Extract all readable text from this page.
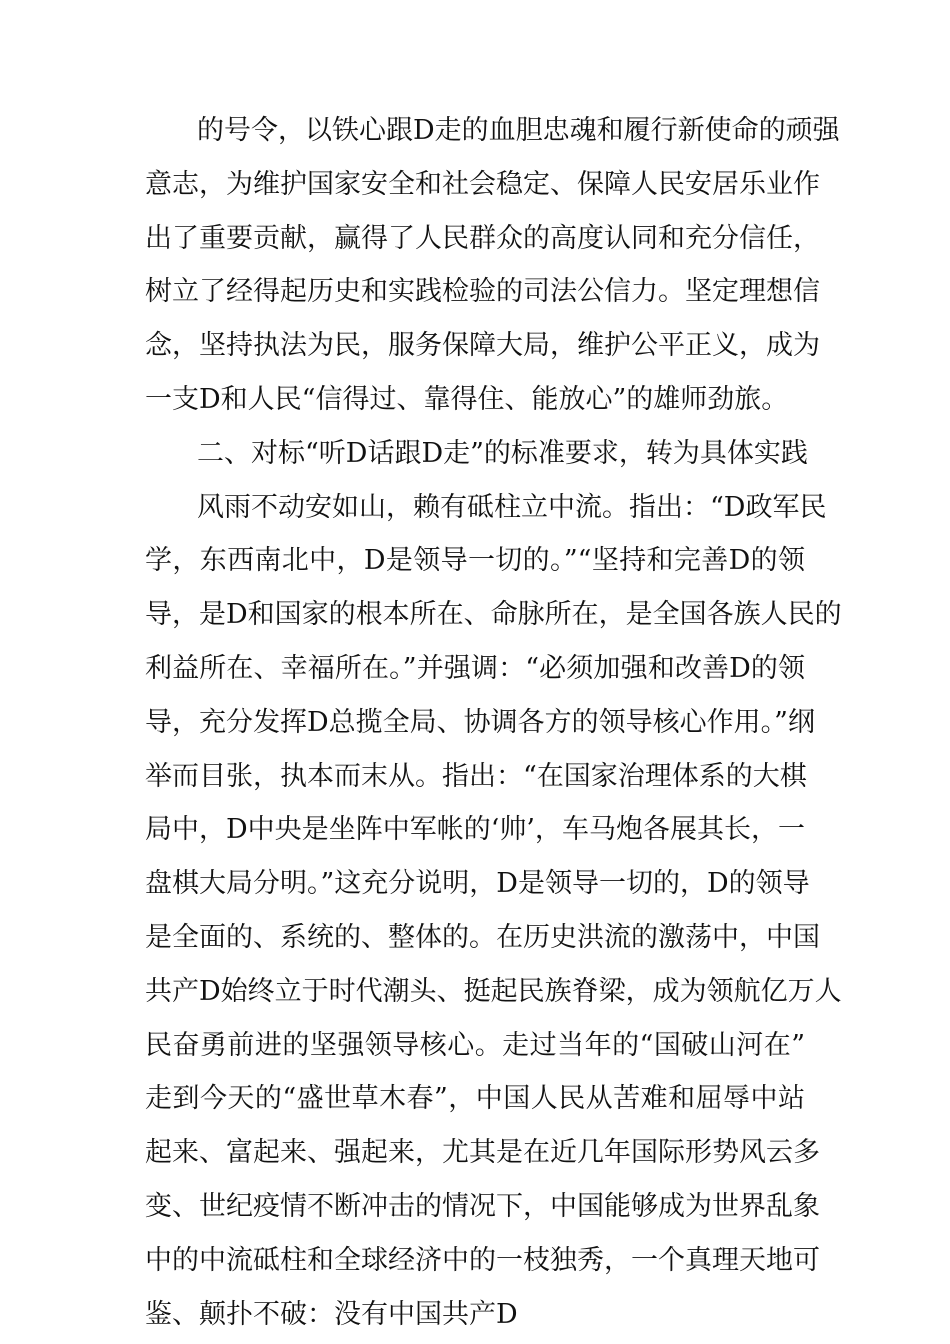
的号令，以铁心跟D走的血胆忠魂和履行新使命的顽强
意志，为维护国家安全和社会稳定、保障人民安居乐业作
出了重要贡献，赢得了人民群众的高度认同和充分信任，
树立了经得起历史和实践检验的司法公信力。坚定理想信
念，坚持执法为民，服务保障大局，维护公平正义，成为
一支D和人民“信得过、靠得住、能放心”的雄师劲旅。
二、对标“听D话跟D走”的标准要求，转为具体实践
风雨不动安如山，赖有砥柱立中流。指出：“D政军民
学，东西南北中，D是领导一切的。”“坚持和完善D的领
导，是D和国家的根本所在、命脉所在，是全国各族人民的
利益所在、幸福所在。”并强调：“必须加强和改善D的领
导，充分发挥D总揽全局、协调各方的领导核心作用。”纲
举而目张，执本而末从。指出：“在国家治理体系的大棋
局中，D中央是坐阵中军帐的‘帅’，车马炮各展其长，一
盘棋大局分明。”这充分说明，D是领导一切的，D的领导
是全面的、系统的、整体的。在历史洪流的激荡中，中国
共产D始终立于时代潮头、挺起民族脊梁，成为领航亿万人
民奋勇前进的坚强领导核心。走过当年的“国破山河在”
走到今天的“盛世草木春”，中国人民从苦难和屈辱中站
起来、富起来、强起来，尤其是在近几年国际形势风云多
变、世纪疫情不断冲击的情况下，中国能够成为世界乱象
中的中流砥柱和全球经济中的一枝独秀，一个真理天地可
鉴、颠扑不破：没有中国共产D
